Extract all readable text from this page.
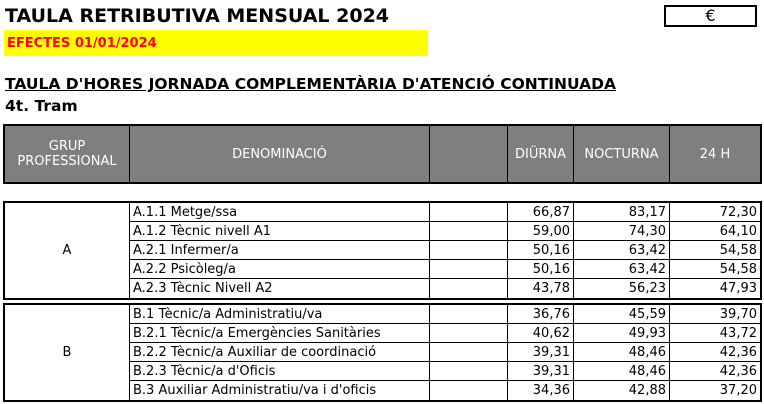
TAULA RETRIBUTIVA MENSUAL 2024	€
EFECTES 01/01/2024
TAULA D'HORES JORNADA COMPLEMENTÀRIA D'ATENCIÓ CONTINUADA
4t. Tram
GRUP PROFESSIONAL	DENOMINACIÓ	DIÜRNA	NOCTURNA	24 H
A
A.1.1 Metge/ssa	66,87	83,17	72,30
A.1.2 Tècnic nivell A1	59,00	74,30	64,10
A.2.1 Infermer/a	50,16	63,42	54,58
A.2.2 Psicòleg/a	50,16	63,42	54,58
A.2.3 Tècnic Nivell A2	43,78	56,23	47,93
B
B.1 Tècnic/a Administratiu/va	36,76	45,59	39,70
B.2.1 Tècnic/a Emergències Sanitàries	40,62	49,93	43,72
B.2.2 Tècnic/a Auxiliar de coordinació	39,31	48,46	42,36
B.2.3 Tècnic/a d'Oficis	39,31	48,46	42,36
B.3 Auxiliar Administratiu/va i d'oficis	34,36	42,88	37,20
